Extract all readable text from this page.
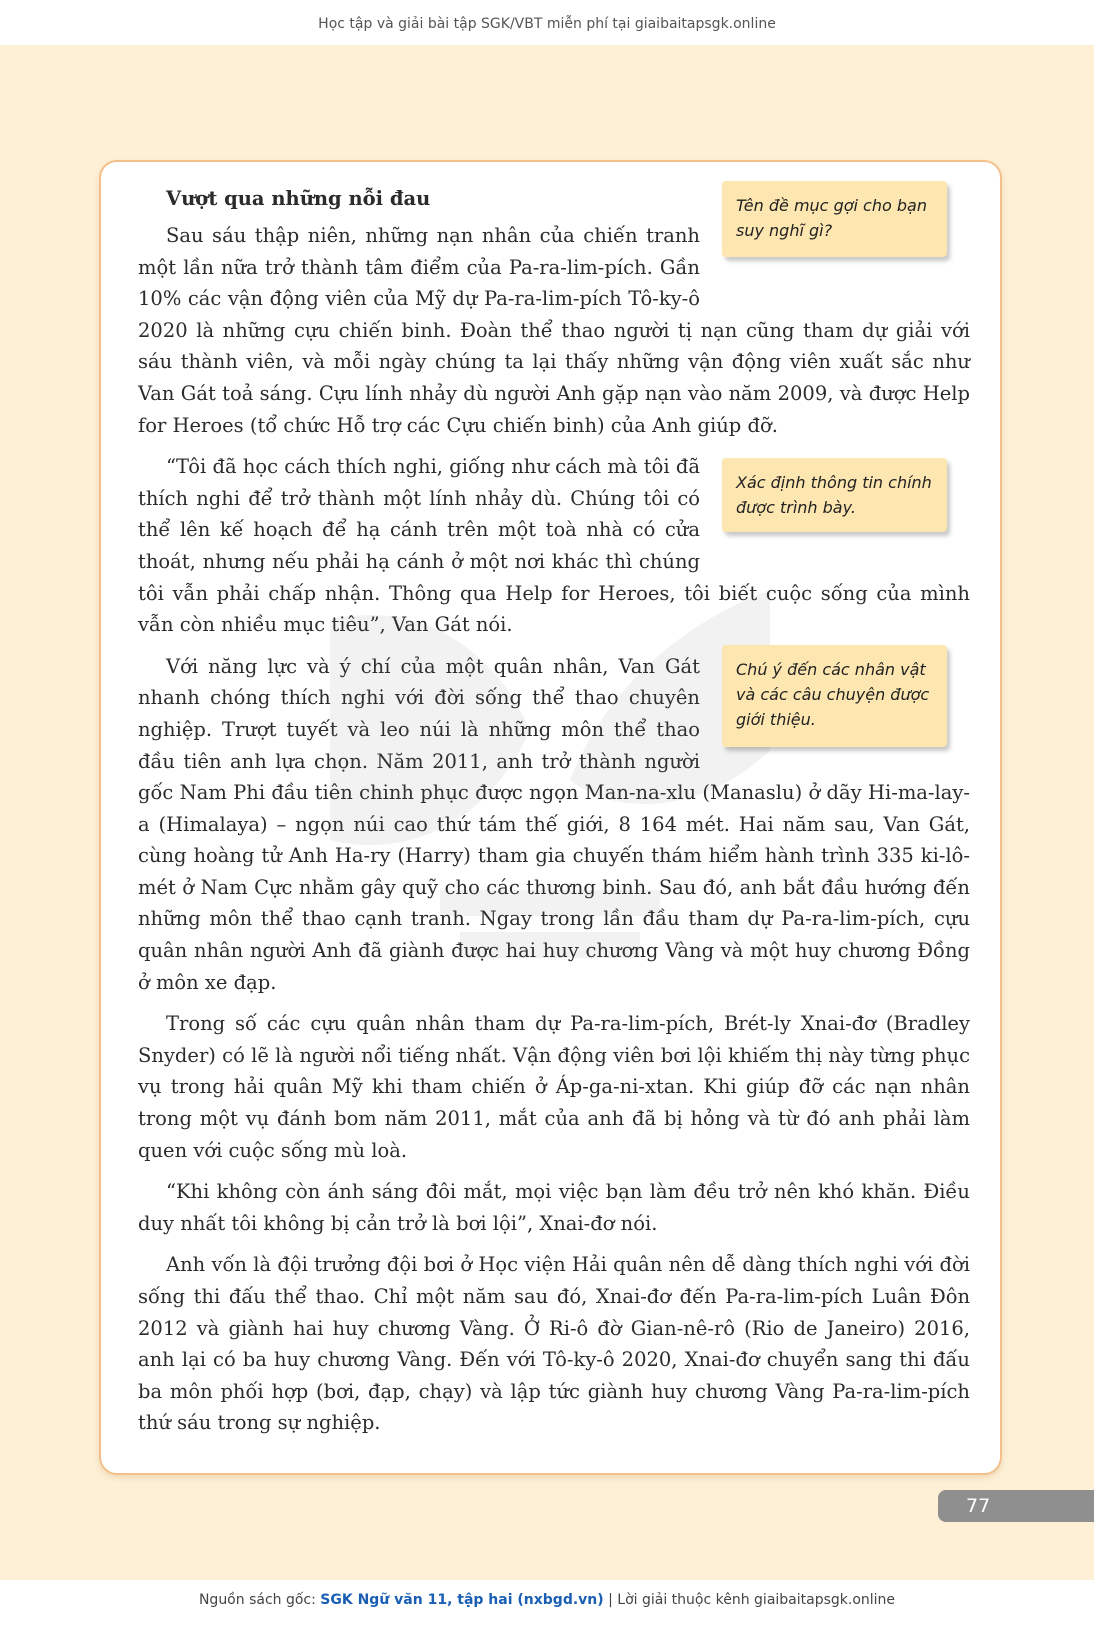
Học tập và giải bài tập SGK/VBT miễn phí tại giaibaitapsgk.online
Vượt qua những nỗi đau

Sau sáu thập niên, những nạn nhân của chiến tranh một lần nữa trở thành tâm điểm của Pa-ra-lim-pích. Gần 10% các vận động viên của Mỹ dự Pa-ra-lim-pích Tô-ky-ô 2020 là những cựu chiến binh. Đoàn thể thao người tị nạn cũng tham dự giải với sáu thành viên, và mỗi ngày chúng ta lại thấy những vận động viên xuất sắc như Van Gát toả sáng. Cựu lính nhảy dù người Anh gặp nạn vào năm 2009, và được Help for Heroes (tổ chức Hỗ trợ các Cựu chiến binh) của Anh giúp đỡ.

“Tôi đã học cách thích nghi, giống như cách mà tôi đã thích nghi để trở thành một lính nhảy dù. Chúng tôi có thể lên kế hoạch để hạ cánh trên một toà nhà có cửa thoát, nhưng nếu phải hạ cánh ở một nơi khác thì chúng tôi vẫn phải chấp nhận. Thông qua Help for Heroes, tôi biết cuộc sống của mình vẫn còn nhiều mục tiêu”, Van Gát nói.

Với năng lực và ý chí của một quân nhân, Van Gát nhanh chóng thích nghi với đời sống thể thao chuyên nghiệp. Trượt tuyết và leo núi là những môn thể thao đầu tiên anh lựa chọn. Năm 2011, anh trở thành người gốc Nam Phi đầu tiên chinh phục được ngọn Man-na-xlu (Manaslu) ở dãy Hi-ma-lay-a (Himalaya) – ngọn núi cao thứ tám thế giới, 8 164 mét. Hai năm sau, Van Gát, cùng hoàng tử Anh Ha-ry (Harry) tham gia chuyến thám hiểm hành trình 335 ki-lô-mét ở Nam Cực nhằm gây quỹ cho các thương binh. Sau đó, anh bắt đầu hướng đến những môn thể thao cạnh tranh. Ngay trong lần đầu tham dự Pa-ra-lim-pích, cựu quân nhân người Anh đã giành được hai huy chương Vàng và một huy chương Đồng ở môn xe đạp.

Trong số các cựu quân nhân tham dự Pa-ra-lim-pích, Brét-ly Xnai-đơ (Bradley Snyder) có lẽ là người nổi tiếng nhất. Vận động viên bơi lội khiếm thị này từng phục vụ trong hải quân Mỹ khi tham chiến ở Áp-ga-ni-xtan. Khi giúp đỡ các nạn nhân trong một vụ đánh bom năm 2011, mắt của anh đã bị hỏng và từ đó anh phải làm quen với cuộc sống mù loà.

“Khi không còn ánh sáng đôi mắt, mọi việc bạn làm đều trở nên khó khăn. Điều duy nhất tôi không bị cản trở là bơi lội”, Xnai-đơ nói.

Anh vốn là đội trưởng đội bơi ở Học viện Hải quân nên dễ dàng thích nghi với đời sống thi đấu thể thao. Chỉ một năm sau đó, Xnai-đơ đến Pa-ra-lim-pích Luân Đôn 2012 và giành hai huy chương Vàng. Ở Ri-ô đờ Gian-nê-rô (Rio de Janeiro) 2016, anh lại có ba huy chương Vàng. Đến với Tô-ky-ô 2020, Xnai-đơ chuyển sang thi đấu ba môn phối hợp (bơi, đạp, chạy) và lập tức giành huy chương Vàng Pa-ra-lim-pích thứ sáu trong sự nghiệp.

Tên đề mục gợi cho bạn suy nghĩ gì?
Xác định thông tin chính được trình bày.
Chú ý đến các nhân vật và các câu chuyện được giới thiệu.
77
Nguồn sách gốc: SGK Ngữ văn 11, tập hai (nxbgd.vn) | Lời giải thuộc kênh giaibaitapsgk.online
